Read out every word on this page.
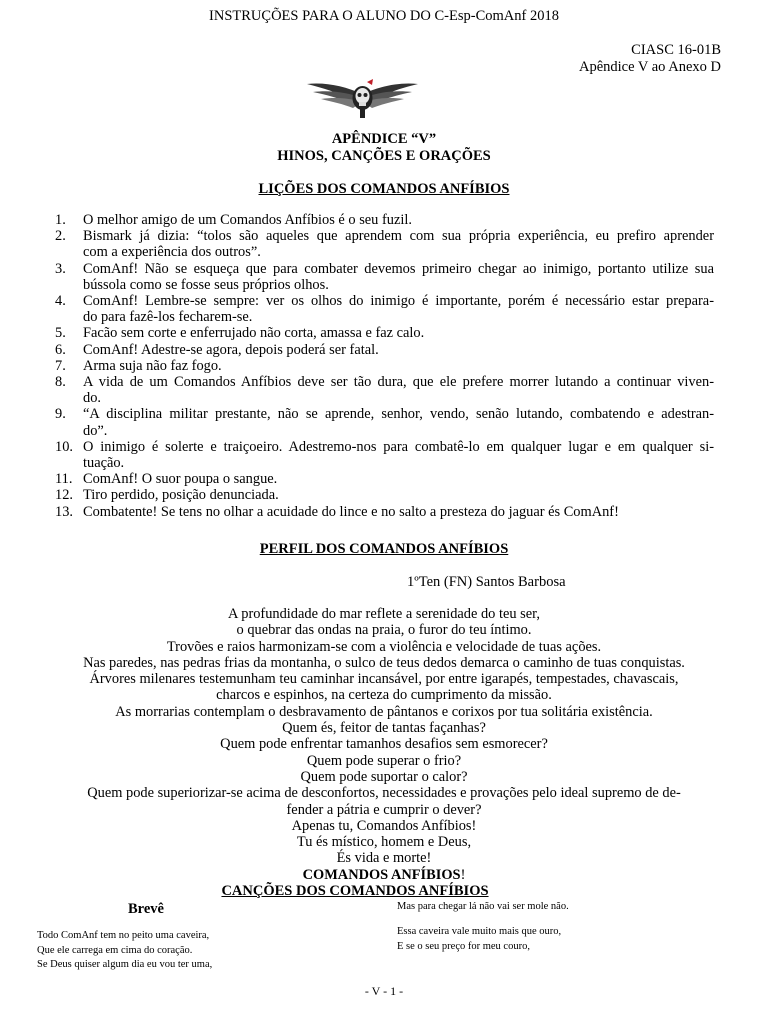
INSTRUÇÕES PARA O ALUNO DO C-Esp-ComAnf 2018
CIASC 16-01B
Apêndice V ao Anexo D
APÊNDICE “V”
HINOS, CANÇÕES E ORAÇÕES
LIÇÕES DOS COMANDOS ANFÍBIOS
1.	O melhor amigo de um Comandos Anfíbios é o seu fuzil.
2.	Bismark já dizia: “tolos são aqueles que aprendem com sua própria experiência, eu prefiro aprender
com a experiência dos outros”.
3.	ComAnf! Não se esqueça que para combater devemos primeiro chegar ao inimigo, portanto utilize sua
bússola como se fosse seus próprios olhos.
4.	ComAnf! Lembre-se sempre: ver os olhos do inimigo é importante, porém é necessário estar prepara-
do para fazê-los fecharem-se.
5.	Facão sem corte e enferrujado não corta, amassa e faz calo.
6.	ComAnf! Adestre-se agora, depois poderá ser fatal.
7.	Arma suja não faz fogo.
8.	A vida de um Comandos Anfíbios deve ser tão dura, que ele prefere morrer lutando a continuar viven-
do.
9.	“A disciplina militar prestante, não se aprende, senhor, vendo, senão lutando, combatendo e adestran-
do”.
10. O inimigo é solerte e traiçoeiro. Adestremo-nos para combatê-lo em qualquer lugar e em qualquer si-
tuação.
11. ComAnf! O suor poupa o sangue.
12. Tiro perdido, posição denunciada.
13. Combatente! Se tens no olhar a acuidade do lince e no salto a presteza do jaguar és ComAnf!
PERFIL DOS COMANDOS ANFÍBIOS
1ºTen (FN) Santos Barbosa
A profundidade do mar reflete a serenidade do teu ser,
o quebrar das ondas na praia, o furor do teu íntimo.
Trovões e raios harmonizam-se com a violência e velocidade de tuas ações.
Nas paredes, nas pedras frias da montanha, o sulco de teus dedos demarca o caminho de tuas conquistas.
Árvores milenares testemunham teu caminhar incansável, por entre igarapés, tempestades, chavascais,
charcos e espinhos, na certeza do cumprimento da missão.
As morrarias contemplam o desbravamento de pântanos e corixos por tua solitária existência.
Quem és, feitor de tantas façanhas?
Quem pode enfrentar tamanhos desafios sem esmorecer?
Quem pode superar o frio?
Quem pode suportar o calor?
Quem pode superiorizar-se acima de desconfortos, necessidades e provações pelo ideal supremo de de-
fender a pátria e cumprir o dever?
Apenas tu, Comandos Anfíbios!
Tu és místico, homem e Deus,
És vida e morte!
COMANDOS ANFÍBIOS!
CANÇÕES DOS COMANDOS ANFÍBIOS
Brevê	Mas para chegar lá não vai ser mole não.
Todo ComAnf tem no peito uma caveira,
Que ele carrega em cima do coração.
Se Deus quiser algum dia eu vou ter uma,
Essa caveira vale muito mais que ouro,
E se o seu preço for meu couro,
- V - 1 -
